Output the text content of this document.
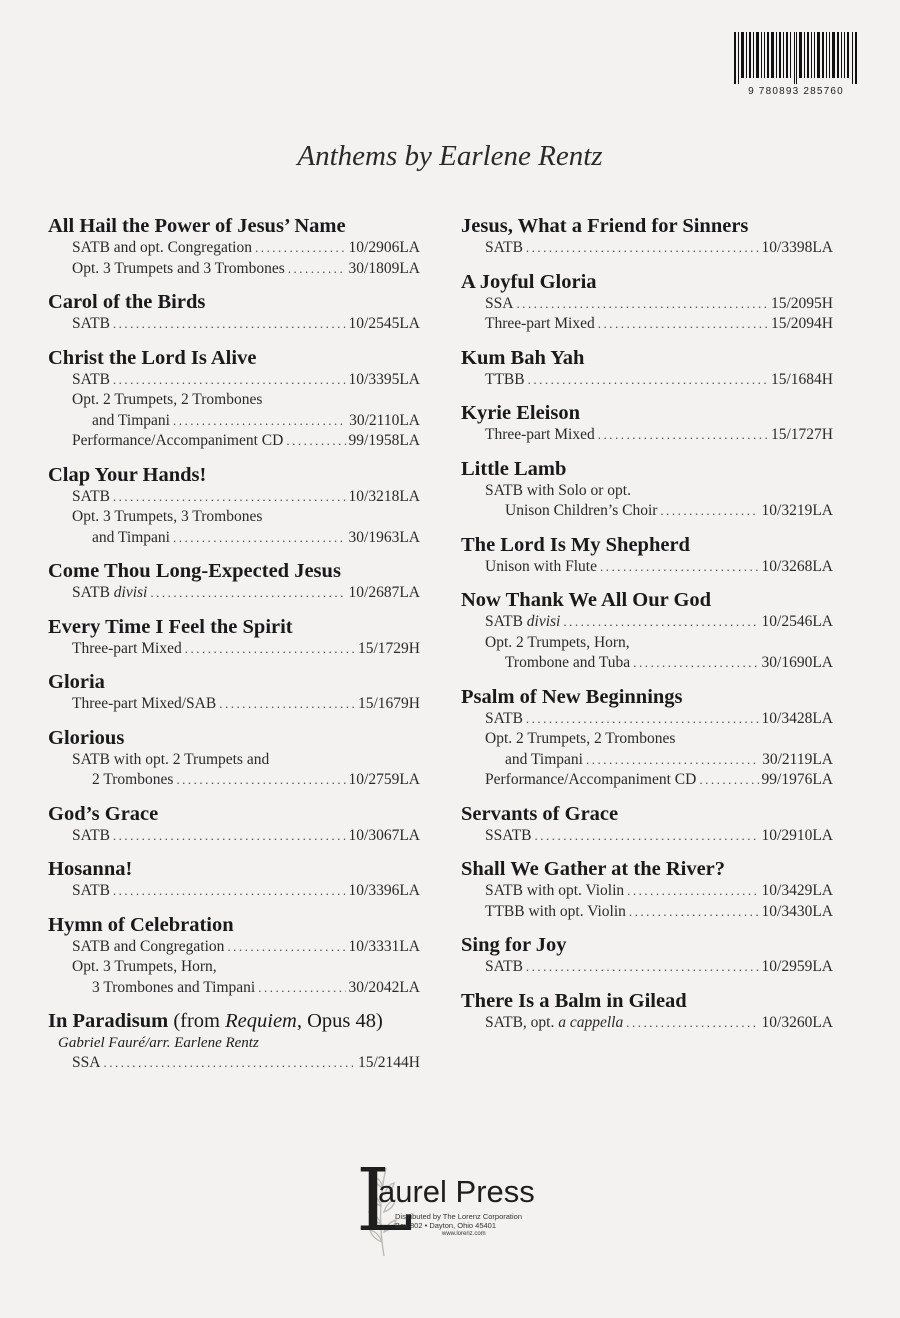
9 780893 285760
Anthems by Earlene Rentz
All Hail the Power of Jesus’ Name
SATB and opt. Congregation .....	10/2906LA
Opt. 3 Trumpets and 3 Trombones .....	30/1809LA
Carol of the Birds
SATB .....	10/2545LA
Christ the Lord Is Alive
SATB .....	10/3395LA
Opt. 2 Trumpets, 2 Trombones
and Timpani .....	30/2110LA
Performance/Accompaniment CD .....	99/1958LA
Clap Your Hands!
SATB .....	10/3218LA
Opt. 3 Trumpets, 3 Trombones
and Timpani .....	30/1963LA
Come Thou Long-Expected Jesus
SATB divisi .....	10/2687LA
Every Time I Feel the Spirit
Three-part Mixed .....	15/1729H
Gloria
Three-part Mixed/SAB .....	15/1679H
Glorious
SATB with opt. 2 Trumpets and
2 Trombones .....	10/2759LA
God’s Grace
SATB .....	10/3067LA
Hosanna!
SATB .....	10/3396LA
Hymn of Celebration
SATB and Congregation .....	10/3331LA
Opt. 3 Trumpets, Horn,
3 Trombones and Timpani .....	30/2042LA
In Paradisum (from Requiem, Opus 48)
Gabriel Fauré/arr. Earlene Rentz
SSA .....	15/2144H
Jesus, What a Friend for Sinners
SATB .....	10/3398LA
A Joyful Gloria
SSA .....	15/2095H
Three-part Mixed .....	15/2094H
Kum Bah Yah
TTBB .....	15/1684H
Kyrie Eleison
Three-part Mixed .....	15/1727H
Little Lamb
SATB with Solo or opt.
Unison Children’s Choir .....	10/3219LA
The Lord Is My Shepherd
Unison with Flute .....	10/3268LA
Now Thank We All Our God
SATB divisi .....	10/2546LA
Opt. 2 Trumpets, Horn,
Trombone and Tuba .....	30/1690LA
Psalm of New Beginnings
SATB .....	10/3428LA
Opt. 2 Trumpets, 2 Trombones
and Timpani .....	30/2119LA
Performance/Accompaniment CD .....	99/1976LA
Servants of Grace
SSATB .....	10/2910LA
Shall We Gather at the River?
SATB with opt. Violin .....	10/3429LA
TTBB with opt. Violin .....	10/3430LA
Sing for Joy
SATB .....	10/2959LA
There Is a Balm in Gilead
SATB, opt. a cappella .....	10/3260LA
L
aurel Press
Distributed by The Lorenz Corporation
Box 802 • Dayton, Ohio 45401
www.lorenz.com
